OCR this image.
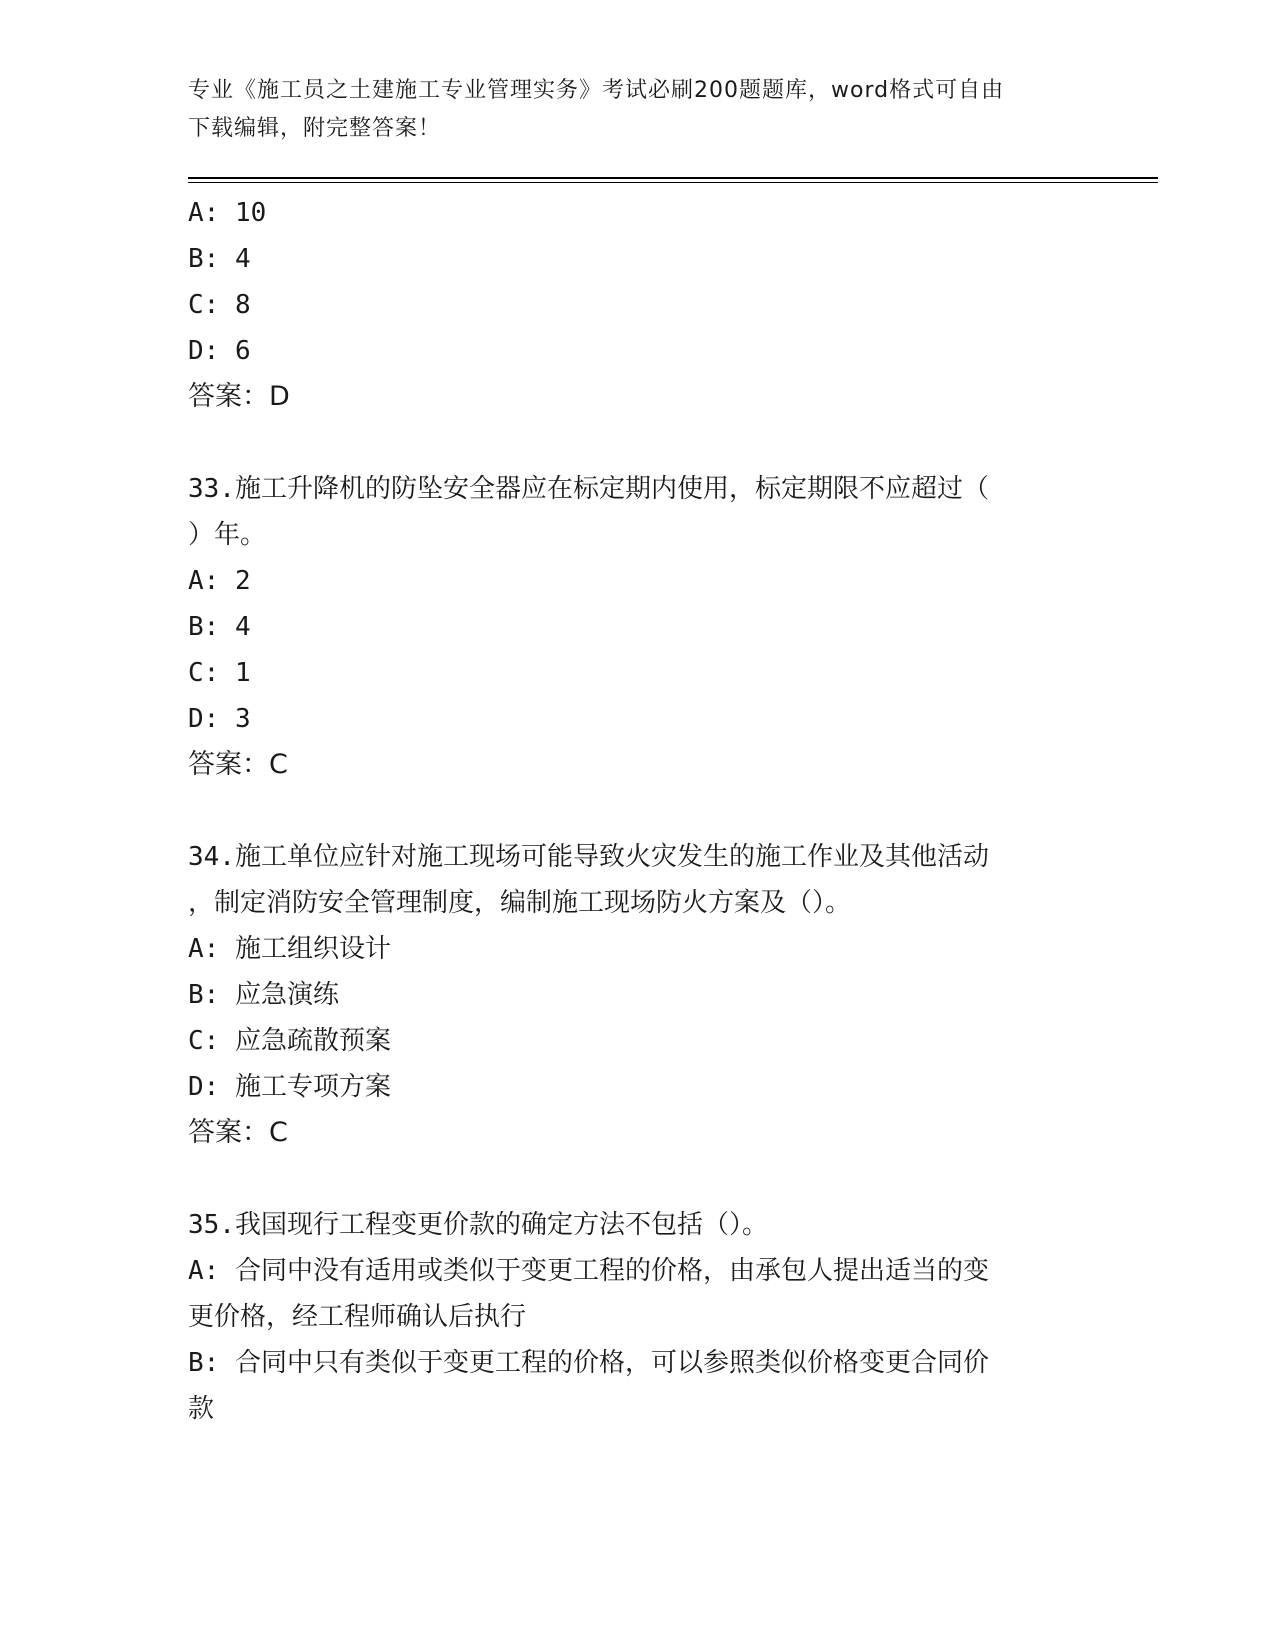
专业《施工员之土建施工专业管理实务》考试必刷200题题库，word格式可自由
下载编辑，附完整答案！
A: 10
B: 4
C: 8
D: 6
答案：D
33.施工升降机的防坠安全器应在标定期内使用，标定期限不应超过（
）年。
A: 2
B: 4
C: 1
D: 3
答案：C
34.施工单位应针对施工现场可能导致火灾发生的施工作业及其他活动
，制定消防安全管理制度，编制施工现场防火方案及（）。
A: 施工组织设计
B: 应急演练
C: 应急疏散预案
D: 施工专项方案
答案：C
35.我国现行工程变更价款的确定方法不包括（）。
A: 合同中没有适用或类似于变更工程的价格，由承包人提出适当的变
更价格，经工程师确认后执行
B: 合同中只有类似于变更工程的价格，可以参照类似价格变更合同价
款
